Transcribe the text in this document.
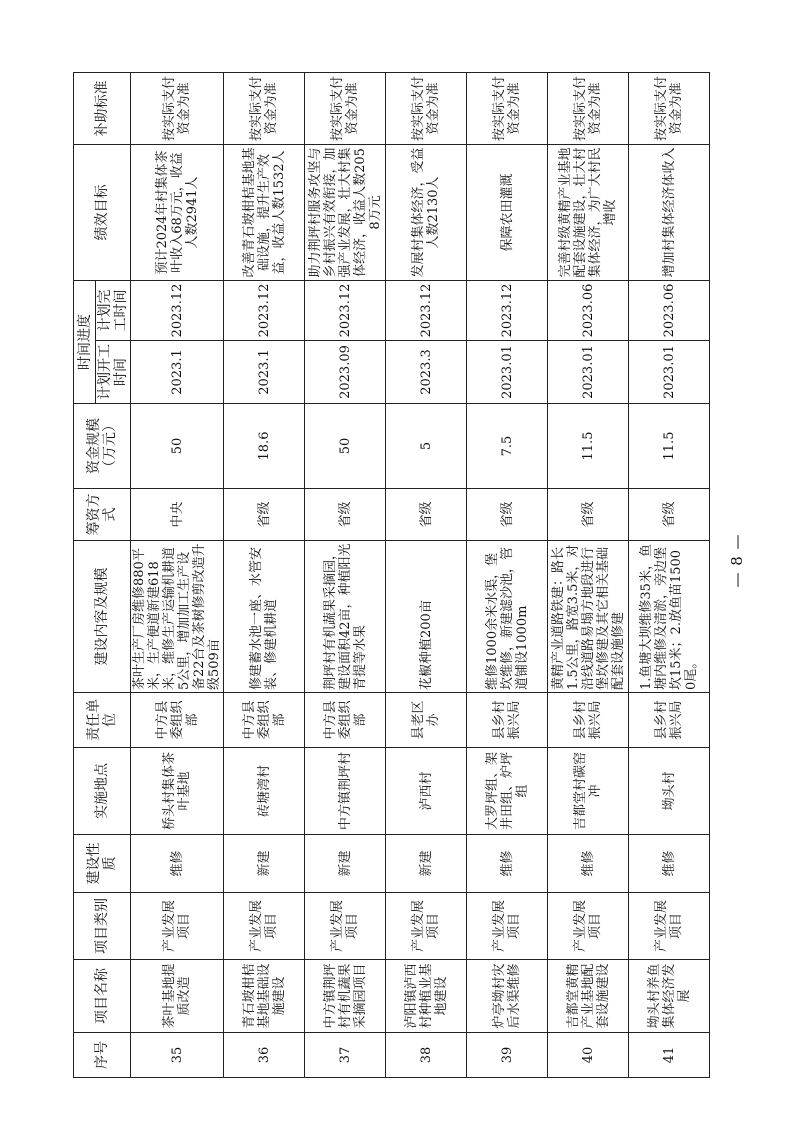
序号	项目名称	项目类别	建设性质	实施地点	责任单位	建设内容及规模	筹资方式	资金规模（万元）	时间进度		绩效目标	补助标准
									计划开工时间	计划完工时间		
35	茶叶基地提质改造	产业发展项目	维修	桥头村集体茶叶基地	中方县委组织部	茶叶生产厂房维修880平米，生产便道新建618米，维修生产运输机耕道5公里，增加加工生产设备22台及茶树修剪改造升级509亩	中央	50	2023.1	2023.12	预计2024年村集体茶叶收入68万元，收益人数2941人	按实际支付资金为准
36	青石坡柑桔基地基础设施建设	产业发展项目	新建	砖塘湾村	中方县委组织部	修建蓄水池一座、水管安装、修建机耕道	省级	18.6	2023.1	2023.12	改善青石坡柑桔基地基础设施，提升生产效益，收益人数1532人	按实际支付资金为准
37	中方镇荆坪村有机蔬果采摘园项目	产业发展项目	新建	中方镇荆坪村	中方县委组织部	荆坪村有机蔬果采摘园，建设面积42亩，种植阳光青提等水果	省级	50	2023.09	2023.12	助力荆坪村服务攻坚与乡村振兴有效衔接，加强产业发展，壮大村集体经济，收益人数2058万元	按实际支付资金为准
38	泸阳镇泸西村种植业基地建设	产业发展项目	新建	泸西村	县老区办	花椒种植200亩	省级	5	2023.3	2023.12	发展村集体经济，受益人数2130人	按实际支付资金为准
39	炉亭坳村灾后水渠维修	产业发展项目	维修	大罗坪组、架井田组、炉坪组	县乡村振兴局	维修1000余米水渠，堡坎维修，新建滤沙池，管道铺设1000m	省级	7.5	2023.01	2023.12	保障农田灌溉	按实际支付资金为准
40	吉都堂黄精产业基地配套设施建设	产业发展项目	维修	吉都堂村碳窑冲	县乡村振兴局	黄精产业道路铁建：路长1.5公里，路宽3.5米，对沿线道路易塌方地段进行堡坎修建及其它相关基础配套设施修建	省级	11.5	2023.01	2023.06	完善村级黄精产业基地配套设施建设，壮大村集体经济，为广大村民增收	按实际支付资金为准
41	坳头村养鱼集体经济发展	产业发展项目	维修	坳头村	县乡村振兴局	1.鱼塘大坝维修35米，鱼塘内维修及清淤，旁边堡坎15米；2.放鱼苗15000尾。	省级	11.5	2023.01	2023.06	增加村集体经济体收入	按实际支付资金为准
— 8 —
